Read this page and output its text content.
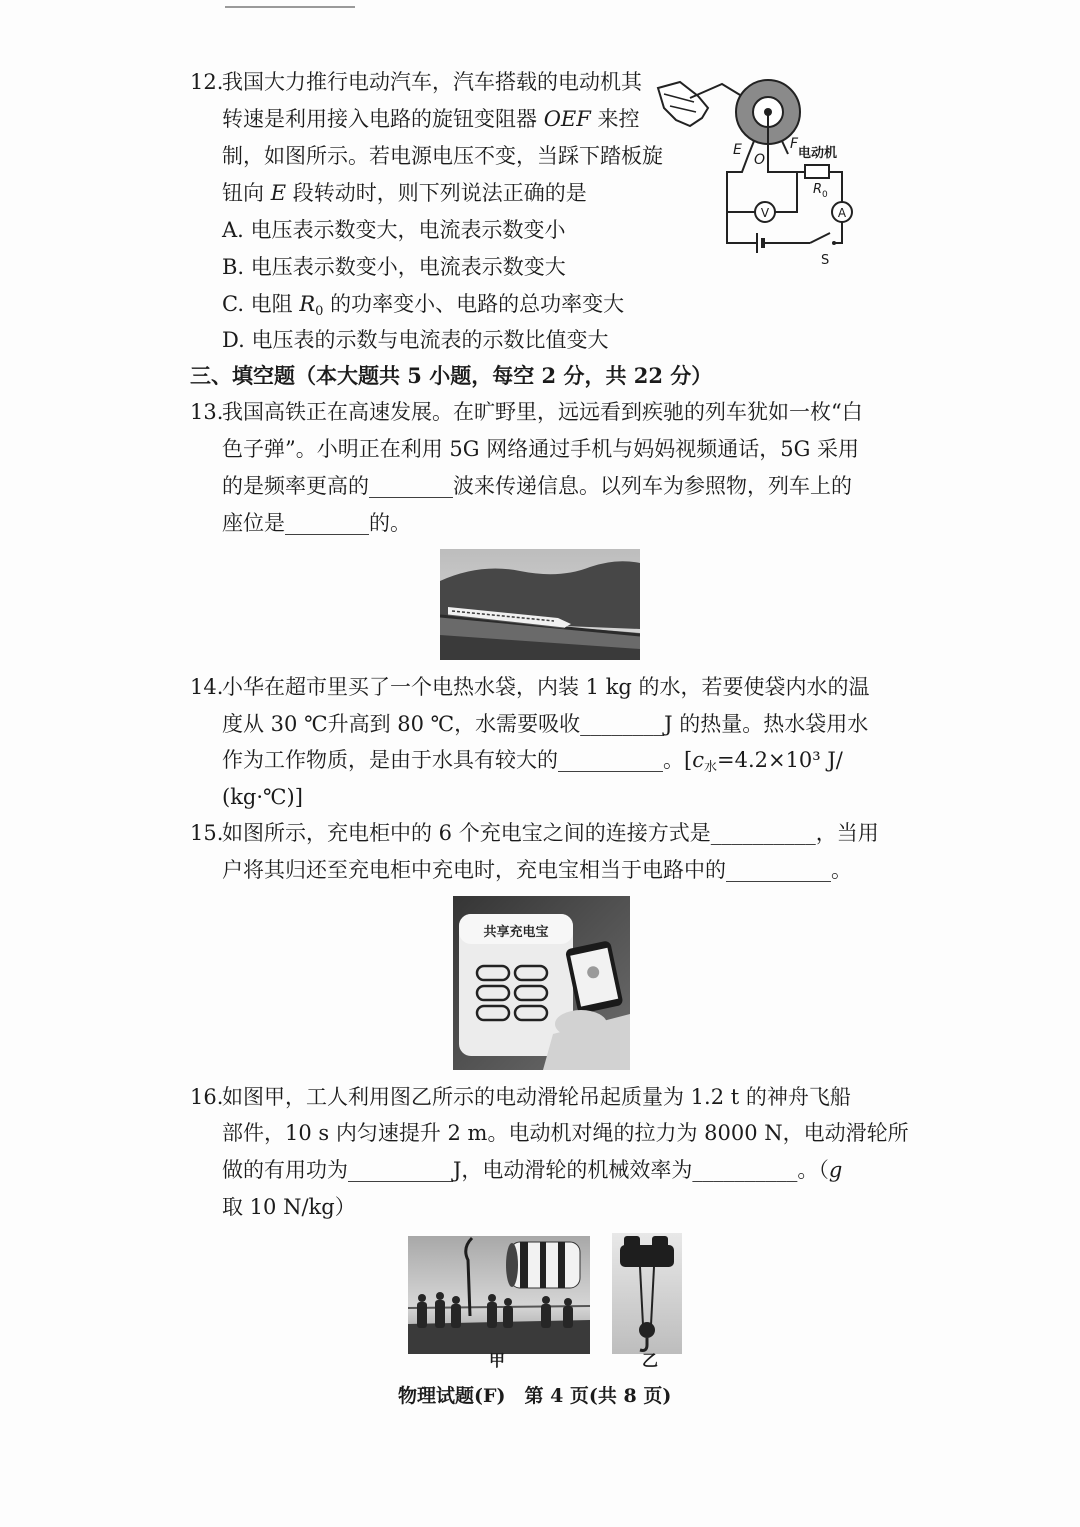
12.
我国大力推行电动汽车，汽车搭载的电动机其
转速是利用接入电路的旋钮变阻器 OEF 来控
制，如图所示。若电源电压不变，当踩下踏板旋
钮向 E 段转动时，则下列说法正确的是
A. 电压表示数变大，电流表示数变小
B. 电压表示数变小，电流表示数变大
C. 电阻 $R_0$ 的功率变小、电路的总功率变大
D. 电压表的示数与电流表的示数比值变大
E
O
F
电动机
R 0
V	A
S
三、填空题（本大题共 5 小题，每空 2 分，共 22 分）
13.
我国高铁正在高速发展。在旷野里，远远看到疾驰的列车犹如一枚“白
色子弹”。小明正在利用 5G 网络通过手机与妈妈视频通话，5G 采用
的是频率更高的________波来传递信息。以列车为参照物，列车上的
座位是________的。
14.
小华在超市里买了一个电热水袋，内装 1 kg 的水，若要使袋内水的温
度从 30 ℃升高到 80 ℃，水需要吸收________J 的热量。热水袋用水
作为工作物质，是由于水具有较大的__________。[$c_水=4.2\times 10^3$ J/
(kg·℃)]
15.
如图所示，充电柜中的 6 个充电宝之间的连接方式是__________，当用
户将其归还至充电柜中充电时，充电宝相当于电路中的__________。
共享充电宝
16.
如图甲，工人利用图乙所示的电动滑轮吊起质量为 1.2 t 的神舟飞船
部件，10 s 内匀速提升 2 m。电动机对绳的拉力为 8000 N，电动滑轮所
做的有用功为__________J，电动滑轮的机械效率为__________。（g
取 10 N/kg）
甲	乙
物理试题(F)　第 4 页(共 8 页)
